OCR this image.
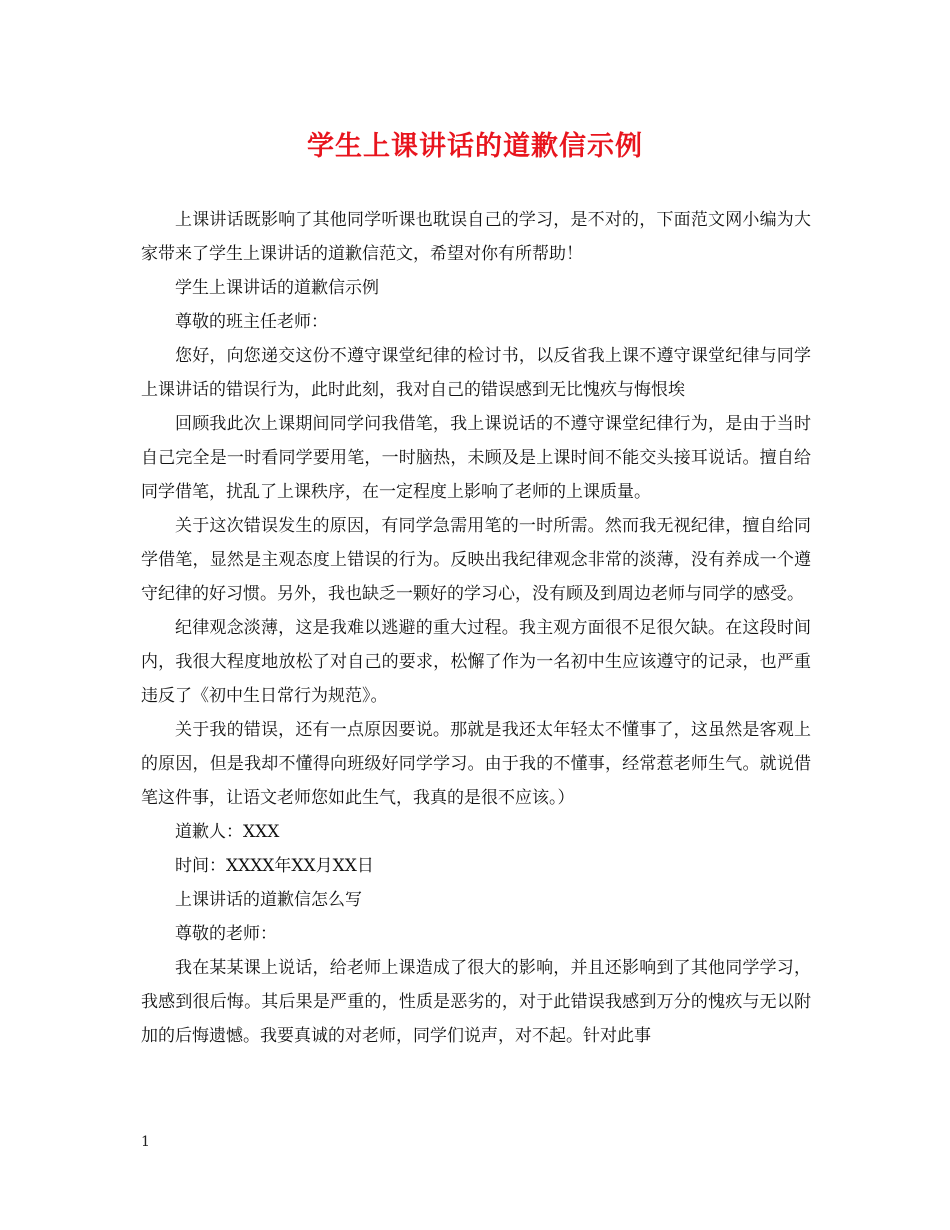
学生上课讲话的道歉信示例

上课讲话既影响了其他同学听课也耽误自己的学习，是不对的，下面范文网小编为大家带来了学生上课讲话的道歉信范文，希望对你有所帮助！

学生上课讲话的道歉信示例

尊敬的班主任老师：

您好，向您递交这份不遵守课堂纪律的检讨书，以反省我上课不遵守课堂纪律与同学上课讲话的错误行为，此时此刻，我对自己的错误感到无比愧疚与悔恨埃

回顾我此次上课期间同学问我借笔，我上课说话的不遵守课堂纪律行为，是由于当时自己完全是一时看同学要用笔，一时脑热，未顾及是上课时间不能交头接耳说话。擅自给同学借笔，扰乱了上课秩序，在一定程度上影响了老师的上课质量。

关于这次错误发生的原因，有同学急需用笔的一时所需。然而我无视纪律，擅自给同学借笔，显然是主观态度上错误的行为。反映出我纪律观念非常的淡薄，没有养成一个遵守纪律的好习惯。另外，我也缺乏一颗好的学习心，没有顾及到周边老师与同学的感受。

纪律观念淡薄，这是我难以逃避的重大过程。我主观方面很不足很欠缺。在这段时间内，我很大程度地放松了对自己的要求，松懈了作为一名初中生应该遵守的记录，也严重违反了《初中生日常行为规范》。

关于我的错误，还有一点原因要说。那就是我还太年轻太不懂事了，这虽然是客观上的原因，但是我却不懂得向班级好同学学习。由于我的不懂事，经常惹老师生气。就说借笔这件事，让语文老师您如此生气，我真的是很不应该。）

道歉人：XXX

时间：XXXX年XX月XX日

上课讲话的道歉信怎么写

尊敬的老师：

我在某某课上说话，给老师上课造成了很大的影响，并且还影响到了其他同学学习，我感到很后悔。其后果是严重的，性质是恶劣的，对于此错误我感到万分的愧疚与无以附加的后悔遗憾。我要真诚的对老师，同学们说声，对不起。针对此事

1
